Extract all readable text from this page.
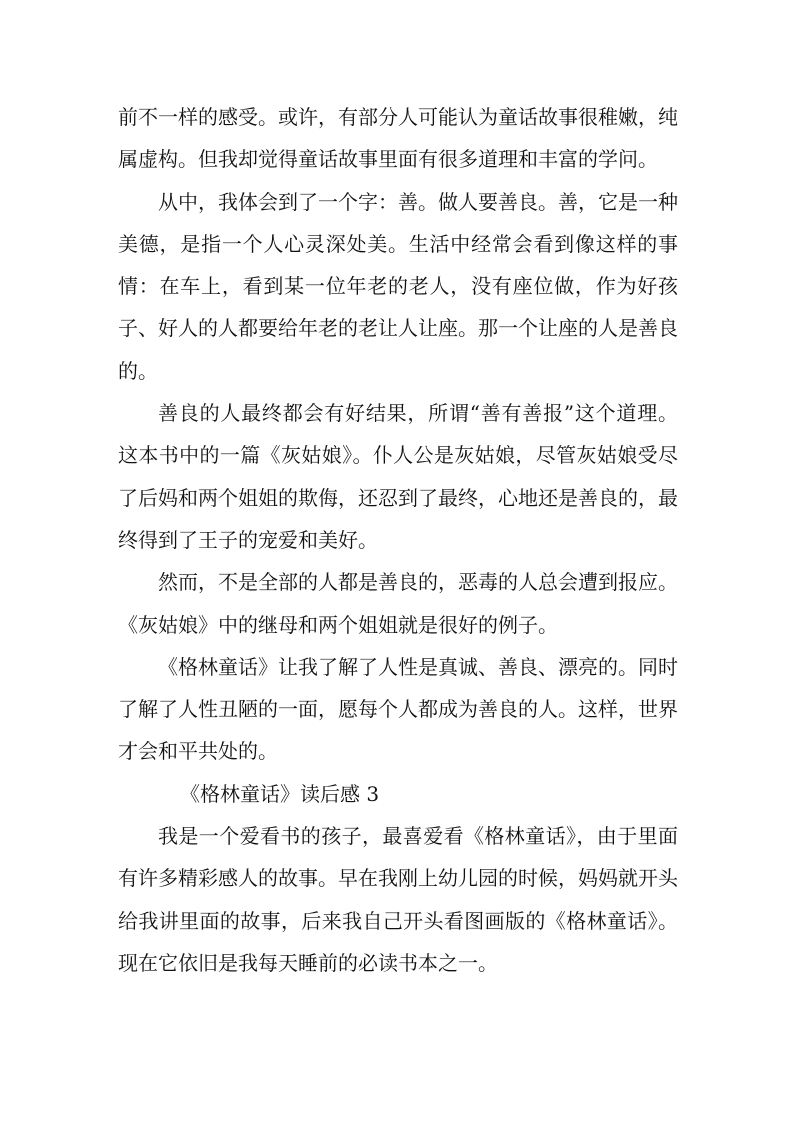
前不一样的感受。或许，有部分人可能认为童话故事很稚嫩，纯属虚构。但我却觉得童话故事里面有很多道理和丰富的学问。

从中，我体会到了一个字：善。做人要善良。善，它是一种美德，是指一个人心灵深处美。生活中经常会看到像这样的事情：在车上，看到某一位年老的老人，没有座位做，作为好孩子、好人的人都要给年老的老让人让座。那一个让座的人是善良的。

善良的人最终都会有好结果，所谓“善有善报”这个道理。这本书中的一篇《灰姑娘》。仆人公是灰姑娘，尽管灰姑娘受尽了后妈和两个姐姐的欺侮，还忍到了最终，心地还是善良的，最终得到了王子的宠爱和美好。

然而，不是全部的人都是善良的，恶毒的人总会遭到报应。《灰姑娘》中的继母和两个姐姐就是很好的例子。

《格林童话》让我了解了人性是真诚、善良、漂亮的。同时了解了人性丑陋的一面，愿每个人都成为善良的人。这样，世界才会和平共处的。

《格林童话》读后感 3

我是一个爱看书的孩子，最喜爱看《格林童话》，由于里面有许多精彩感人的故事。早在我刚上幼儿园的时候，妈妈就开头给我讲里面的故事，后来我自己开头看图画版的《格林童话》。现在它依旧是我每天睡前的必读书本之一。
